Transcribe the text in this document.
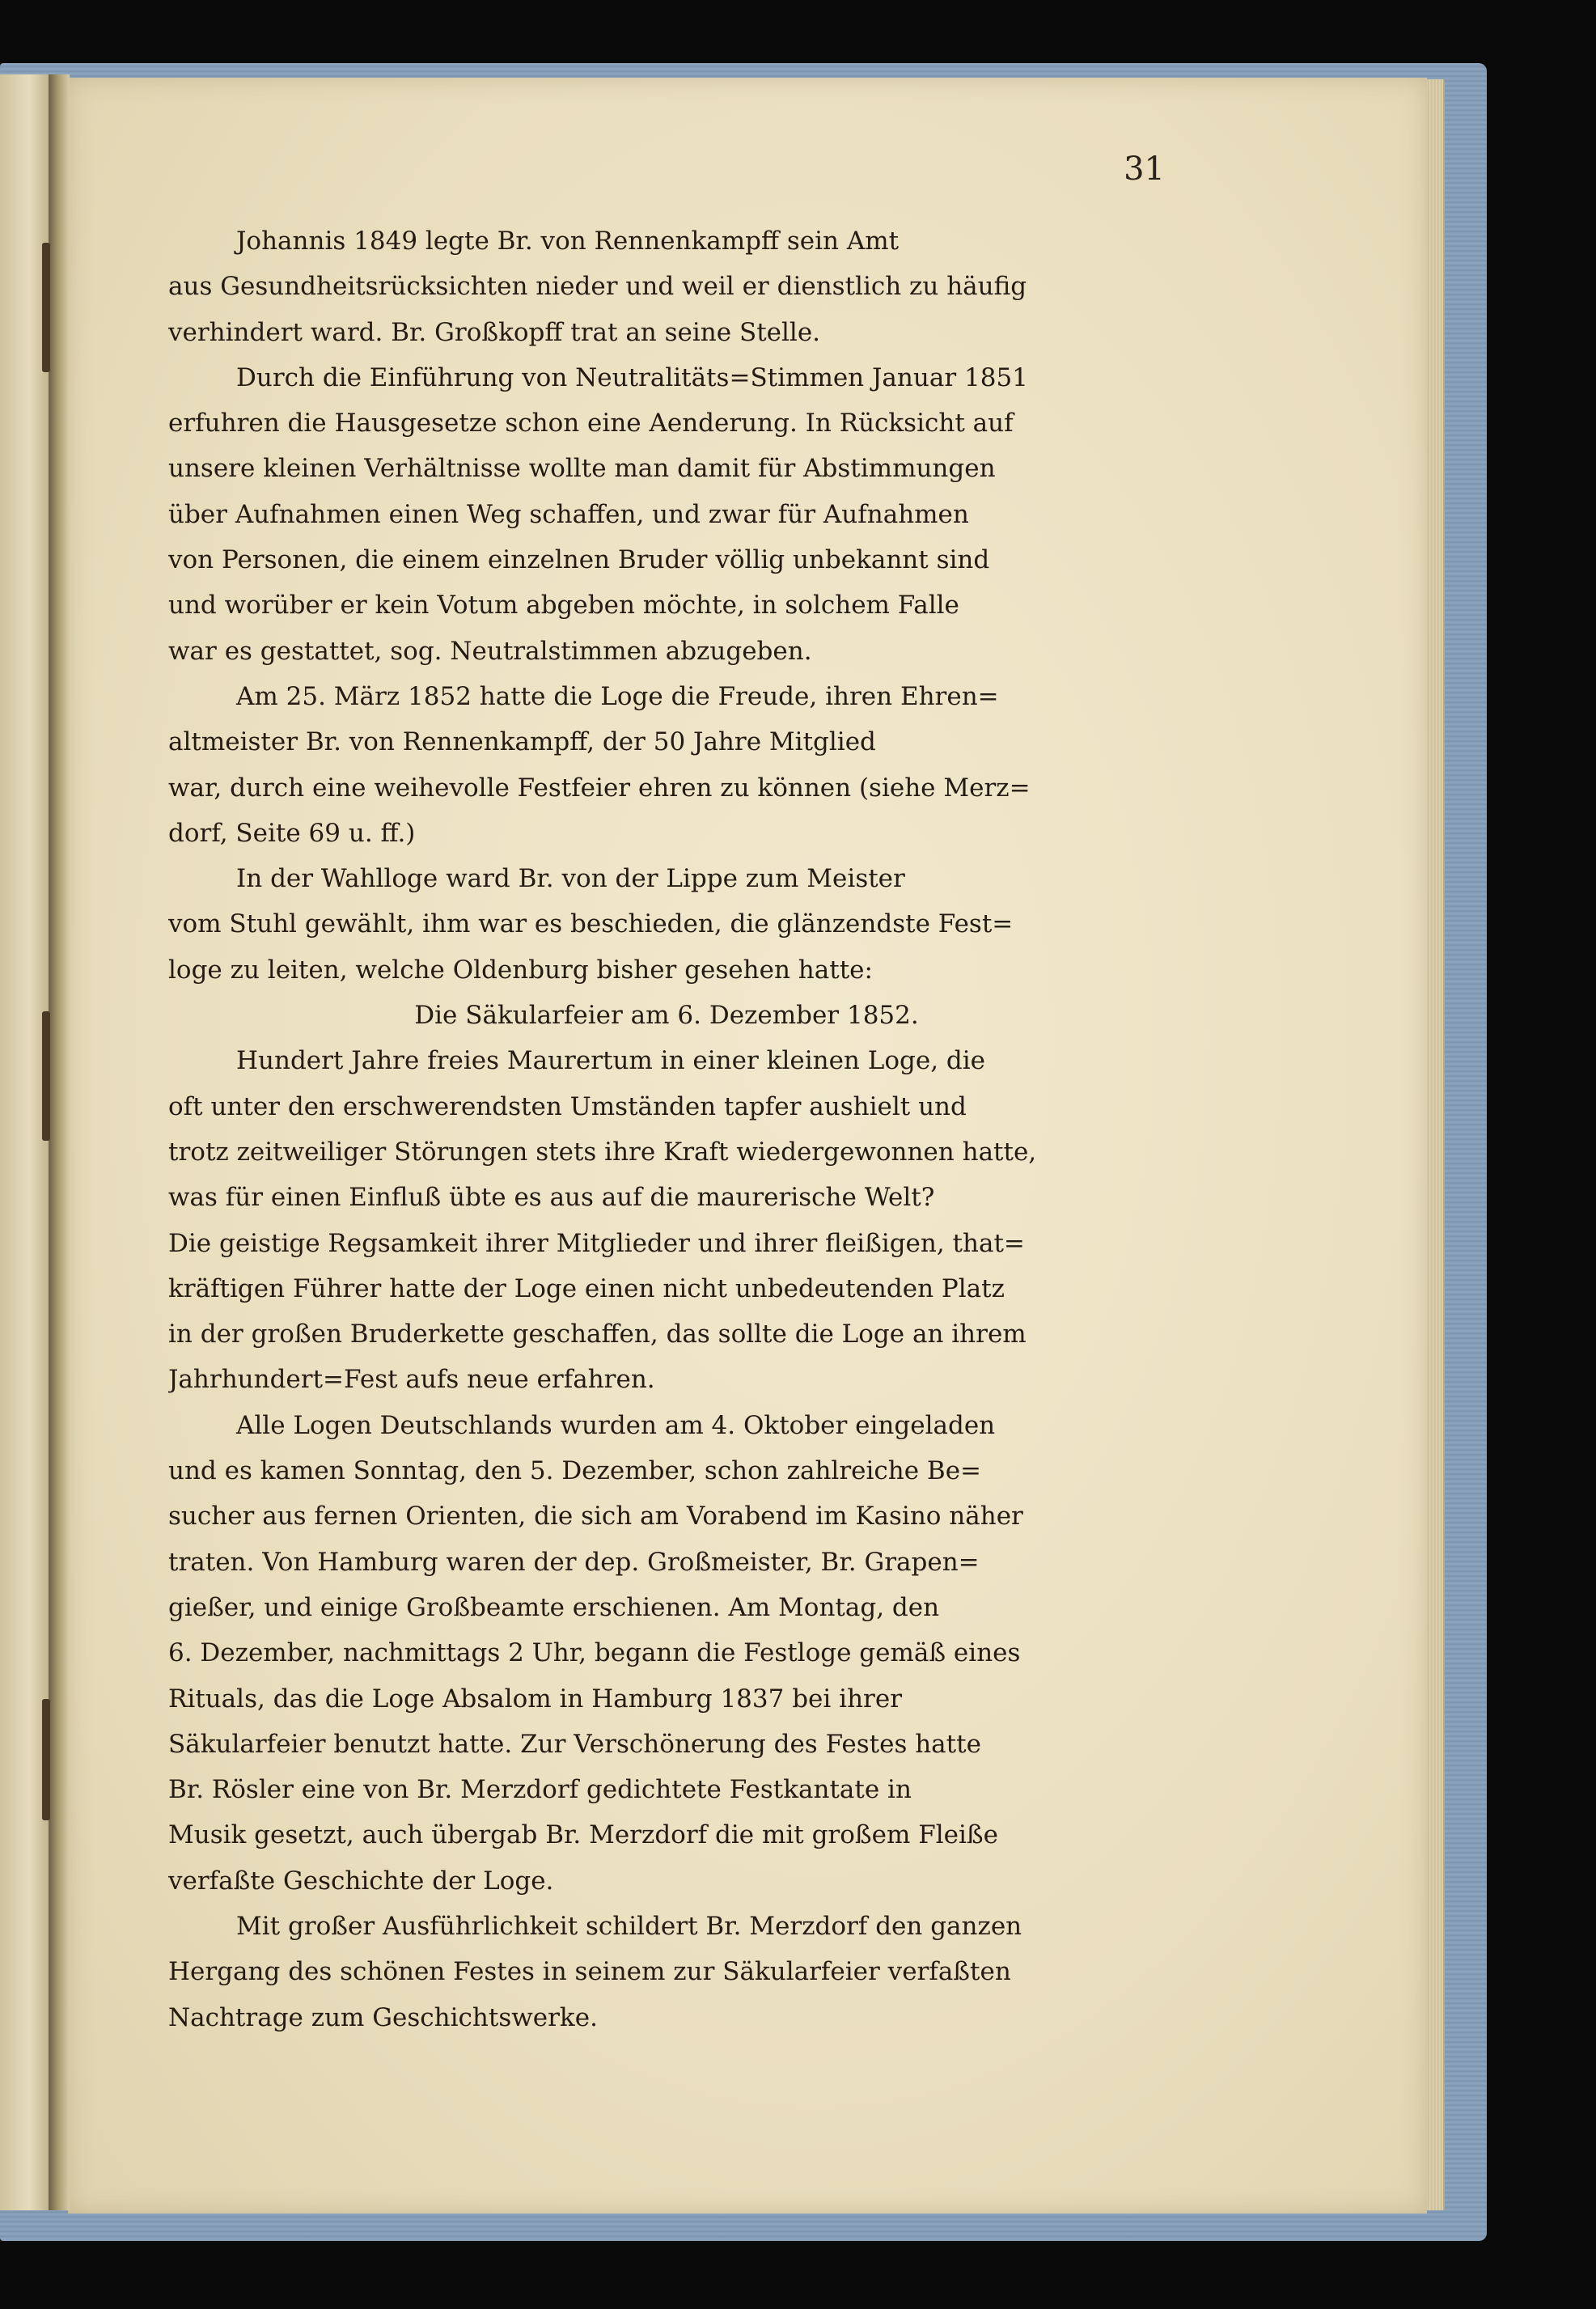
31
Johannis 1849 legte Br. von Rennenkampff sein Amt
aus Gesundheitsrücksichten nieder und weil er dienstlich zu häufig
verhindert ward. Br. Großkopff trat an seine Stelle.
Durch die Einführung von Neutralitäts=Stimmen Januar 1851
erfuhren die Hausgesetze schon eine Aenderung. In Rücksicht auf
unsere kleinen Verhältnisse wollte man damit für Abstimmungen
über Aufnahmen einen Weg schaffen, und zwar für Aufnahmen
von Personen, die einem einzelnen Bruder völlig unbekannt sind
und worüber er kein Votum abgeben möchte, in solchem Falle
war es gestattet, sog. Neutralstimmen abzugeben.
Am 25. März 1852 hatte die Loge die Freude, ihren Ehren=
altmeister Br. von Rennenkampff, der 50 Jahre Mitglied
war, durch eine weihevolle Festfeier ehren zu können (siehe Merz=
dorf, Seite 69 u. ff.)
In der Wahlloge ward Br. von der Lippe zum Meister
vom Stuhl gewählt, ihm war es beschieden, die glänzendste Fest=
loge zu leiten, welche Oldenburg bisher gesehen hatte:
Die Säkularfeier am 6. Dezember 1852.
Hundert Jahre freies Maurertum in einer kleinen Loge, die
oft unter den erschwerendsten Umständen tapfer aushielt und
trotz zeitweiliger Störungen stets ihre Kraft wiedergewonnen hatte,
was für einen Einfluß übte es aus auf die maurerische Welt?
Die geistige Regsamkeit ihrer Mitglieder und ihrer fleißigen, that=
kräftigen Führer hatte der Loge einen nicht unbedeutenden Platz
in der großen Bruderkette geschaffen, das sollte die Loge an ihrem
Jahrhundert=Fest aufs neue erfahren.
Alle Logen Deutschlands wurden am 4. Oktober eingeladen
und es kamen Sonntag, den 5. Dezember, schon zahlreiche Be=
sucher aus fernen Orienten, die sich am Vorabend im Kasino näher
traten. Von Hamburg waren der dep. Großmeister, Br. Grapen=
gießer, und einige Großbeamte erschienen. Am Montag, den
6. Dezember, nachmittags 2 Uhr, begann die Festloge gemäß eines
Rituals, das die Loge Absalom in Hamburg 1837 bei ihrer
Säkularfeier benutzt hatte. Zur Verschönerung des Festes hatte
Br. Rösler eine von Br. Merzdorf gedichtete Festkantate in
Musik gesetzt, auch übergab Br. Merzdorf die mit großem Fleiße
verfaßte Geschichte der Loge.
Mit großer Ausführlichkeit schildert Br. Merzdorf den ganzen
Hergang des schönen Festes in seinem zur Säkularfeier verfaßten
Nachtrage zum Geschichtswerke.
